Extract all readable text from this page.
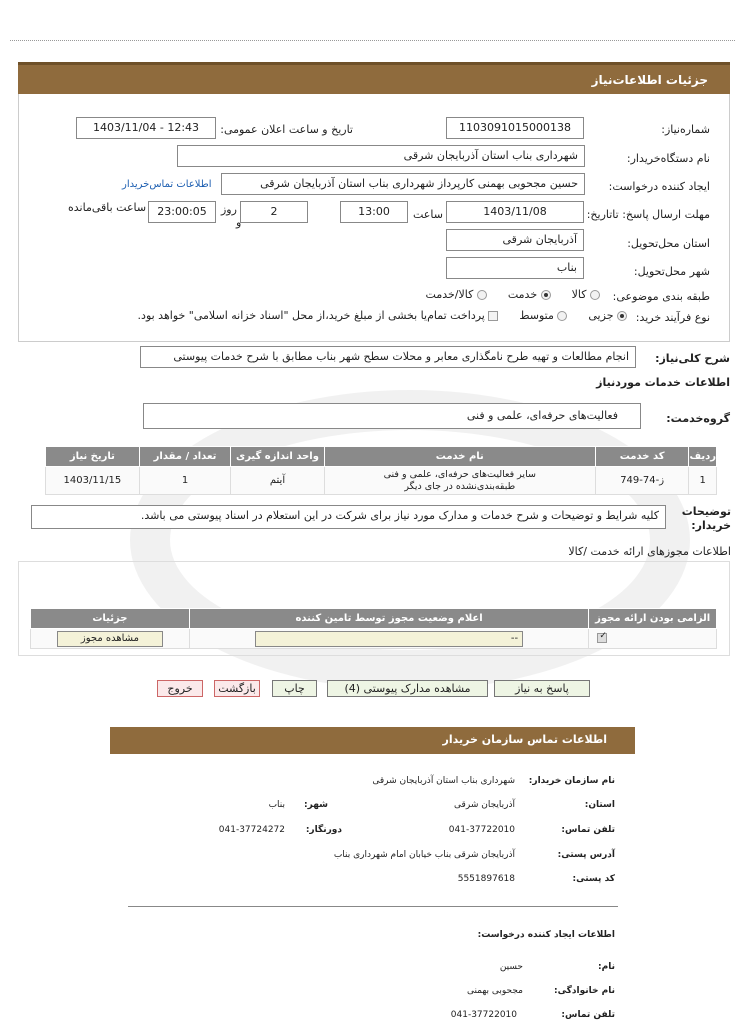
جزئیات اطلاعات‌نیاز
شماره‌نیاز:
1103091015000138
تاریخ و ساعت اعلان عمومی:
1403/11/04 - 12:43
نام دستگاه‌خریدار:
شهرداری بناب استان آذربایجان شرقی
ایجاد کننده درخواست:
حسین مجحوبی بهمنی کارپرداز شهرداری بناب استان آذربایجان شرقی
اطلاعات تماس‌خریدار
مهلت ارسال پاسخ: تاتاریخ:
1403/11/08
ساعت
13:00
2
روز
و
23:00:05
ساعت باقی‌مانده
استان محل‌تحویل:
آذربایجان شرقی
شهر محل‌تحویل:
بناب
طبقه بندی موضوعی:
کالا       خدمت       کالا/خدمت
نوع فرآیند خرید:
جزیی       متوسط       پرداخت تمام‌یا بخشی از مبلغ خرید،از محل "اسناد خزانه اسلامی" خواهد بود.
شرح کلی‌نیاز:
انجام مطالعات و تهیه طرح نامگذاری معابر و محلات سطح شهر بناب مطابق با شرح خدمات پیوستی
اطلاعات خدمات موردنیاز
گروه‌خدمت:
فعالیت‌های حرفه‌ای، علمی و فنی
ردیف	کد خدمت	نام خدمت	واحد اندازه گیری	تعداد / مقدار	تاریخ نیاز
1	ز-74-749	سایر فعالیت‌های حرفه‌ای، علمی و فنی طبقه‌بندی‌نشده در جای دیگر	آیتم	1	1403/11/15
توضیحات خریدار:
کلیه شرایط و توضیحات و شرح خدمات و مدارک مورد نیاز برای شرکت در این استعلام در اسناد پیوستی می باشد.
اطلاعات مجوزهای ارائه خدمت /کالا
الزامی بودن ارائه مجوز	اعلام وضعیت مجوز توسط تامین کننده	جزئیات

✓	--	مشاهده مجوز
پاسخ به نیاز
مشاهده مدارک پیوستی (4)
چاپ
بازگشت
خروج
اطلاعات تماس سازمان خریدار
نام سازمان خریدار:
شهرداری بناب استان آذربایجان شرقی
استان:
آذربایجان شرقی
شهر:
بناب
تلفن تماس:
041-37722010
دورنگار:
041-37724272
آدرس پستی:
آذربایجان شرقی بناب خیابان امام شهرداری بناب
کد پستی:
5551897618
اطلاعات ایجاد کننده درخواست:
نام:
حسین
نام خانوادگی:
مجحوبی بهمنی
تلفن تماس:
041-37722010
